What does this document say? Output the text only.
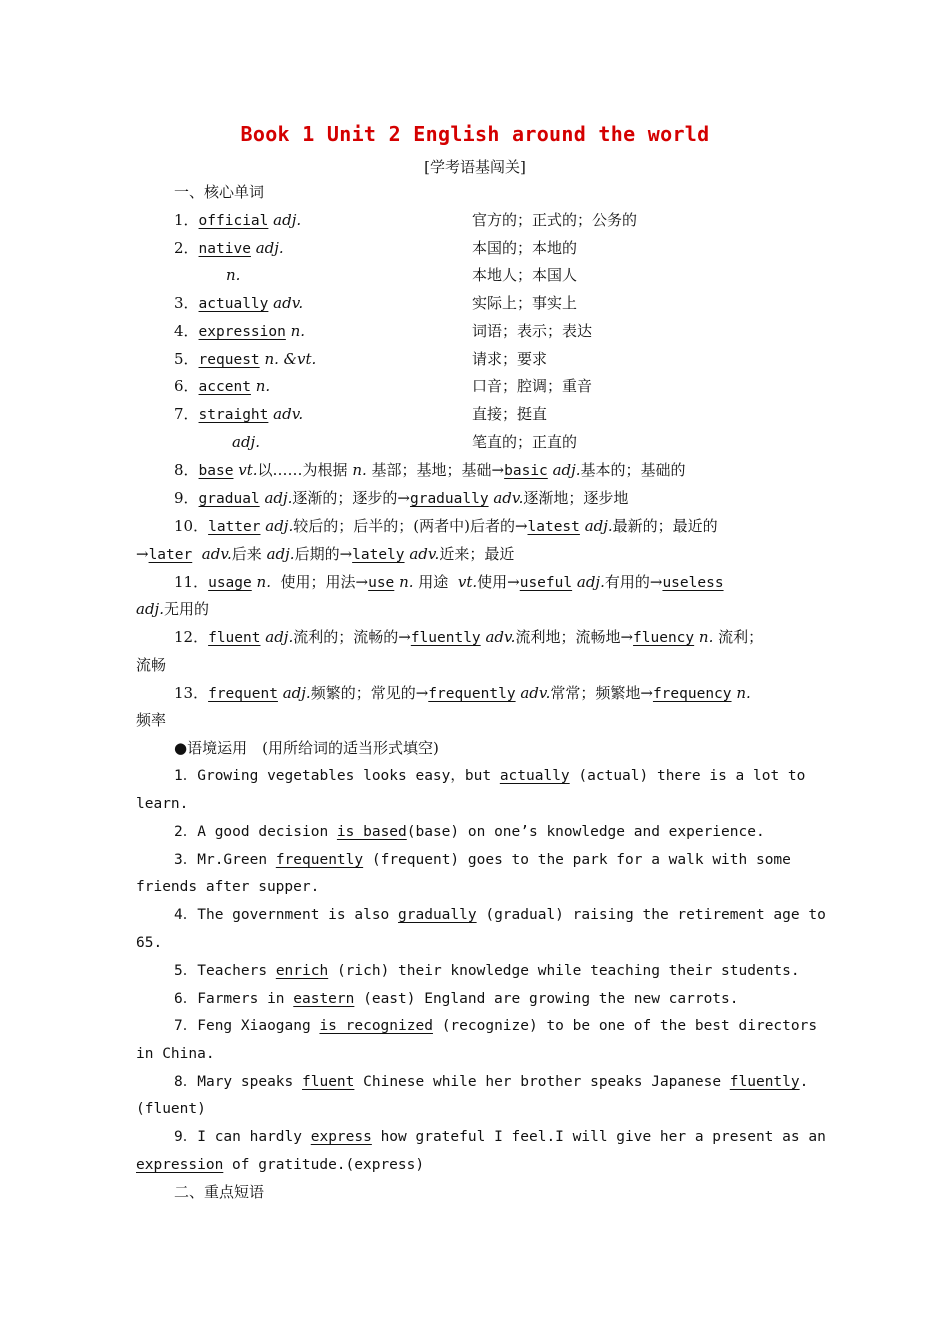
Book 1 Unit 2 English around the world
[学考语基闯关]
一、核心单词
1．official adj.	官方的；正式的；公务的
2．native adj.	本国的；本地的
n.	本地人；本国人
3．actually adv.	实际上；事实上
4．expression n.	词语；表示；表达
5．request n. &vt.	请求；要求
6．accent n.	口音；腔调；重音
7．straight adv.	直接；挺直
adj.	笔直的；正直的
8．base vt.以……为根据 n. 基部；基地；基础→basic adj.基本的；基础的
9．gradual adj.逐渐的；逐步的→gradually adv.逐渐地；逐步地
10．latter adj.较后的；后半的；(两者中)后者的→latest adj.最新的；最近的
→later adv.后来 adj.后期的→lately adv.近来；最近
11．usage n. 使用；用法→use n. 用途 vt.使用→useful adj.有用的→useless
adj.无用的
12．fluent adj.流利的；流畅的→fluently adv.流利地；流畅地→fluency n. 流利；
流畅
13．frequent adj.频繁的；常见的→frequently adv.常常；频繁地→frequency n.
频率
●语境运用　(用所给词的适当形式填空)
1．Growing vegetables looks easy，but actually (actual) there is a lot to
learn.
2．A good decision is based(base) on one’s knowledge and experience.
3．Mr.Green frequently (frequent) goes to the park for a walk with some
friends after supper.
4．The government is also gradually (gradual) raising the retirement age to
65.
5．Teachers enrich (rich) their knowledge while teaching their students.
6．Farmers in eastern (east) England are growing the new carrots.
7．Feng Xiaogang is recognized (recognize) to be one of the best directors
in China.
8．Mary speaks fluent Chinese while her brother speaks Japanese fluently.
(fluent)
9．I can hardly express how grateful I feel.I will give her a present as an
expression of gratitude.(express)
二、重点短语
